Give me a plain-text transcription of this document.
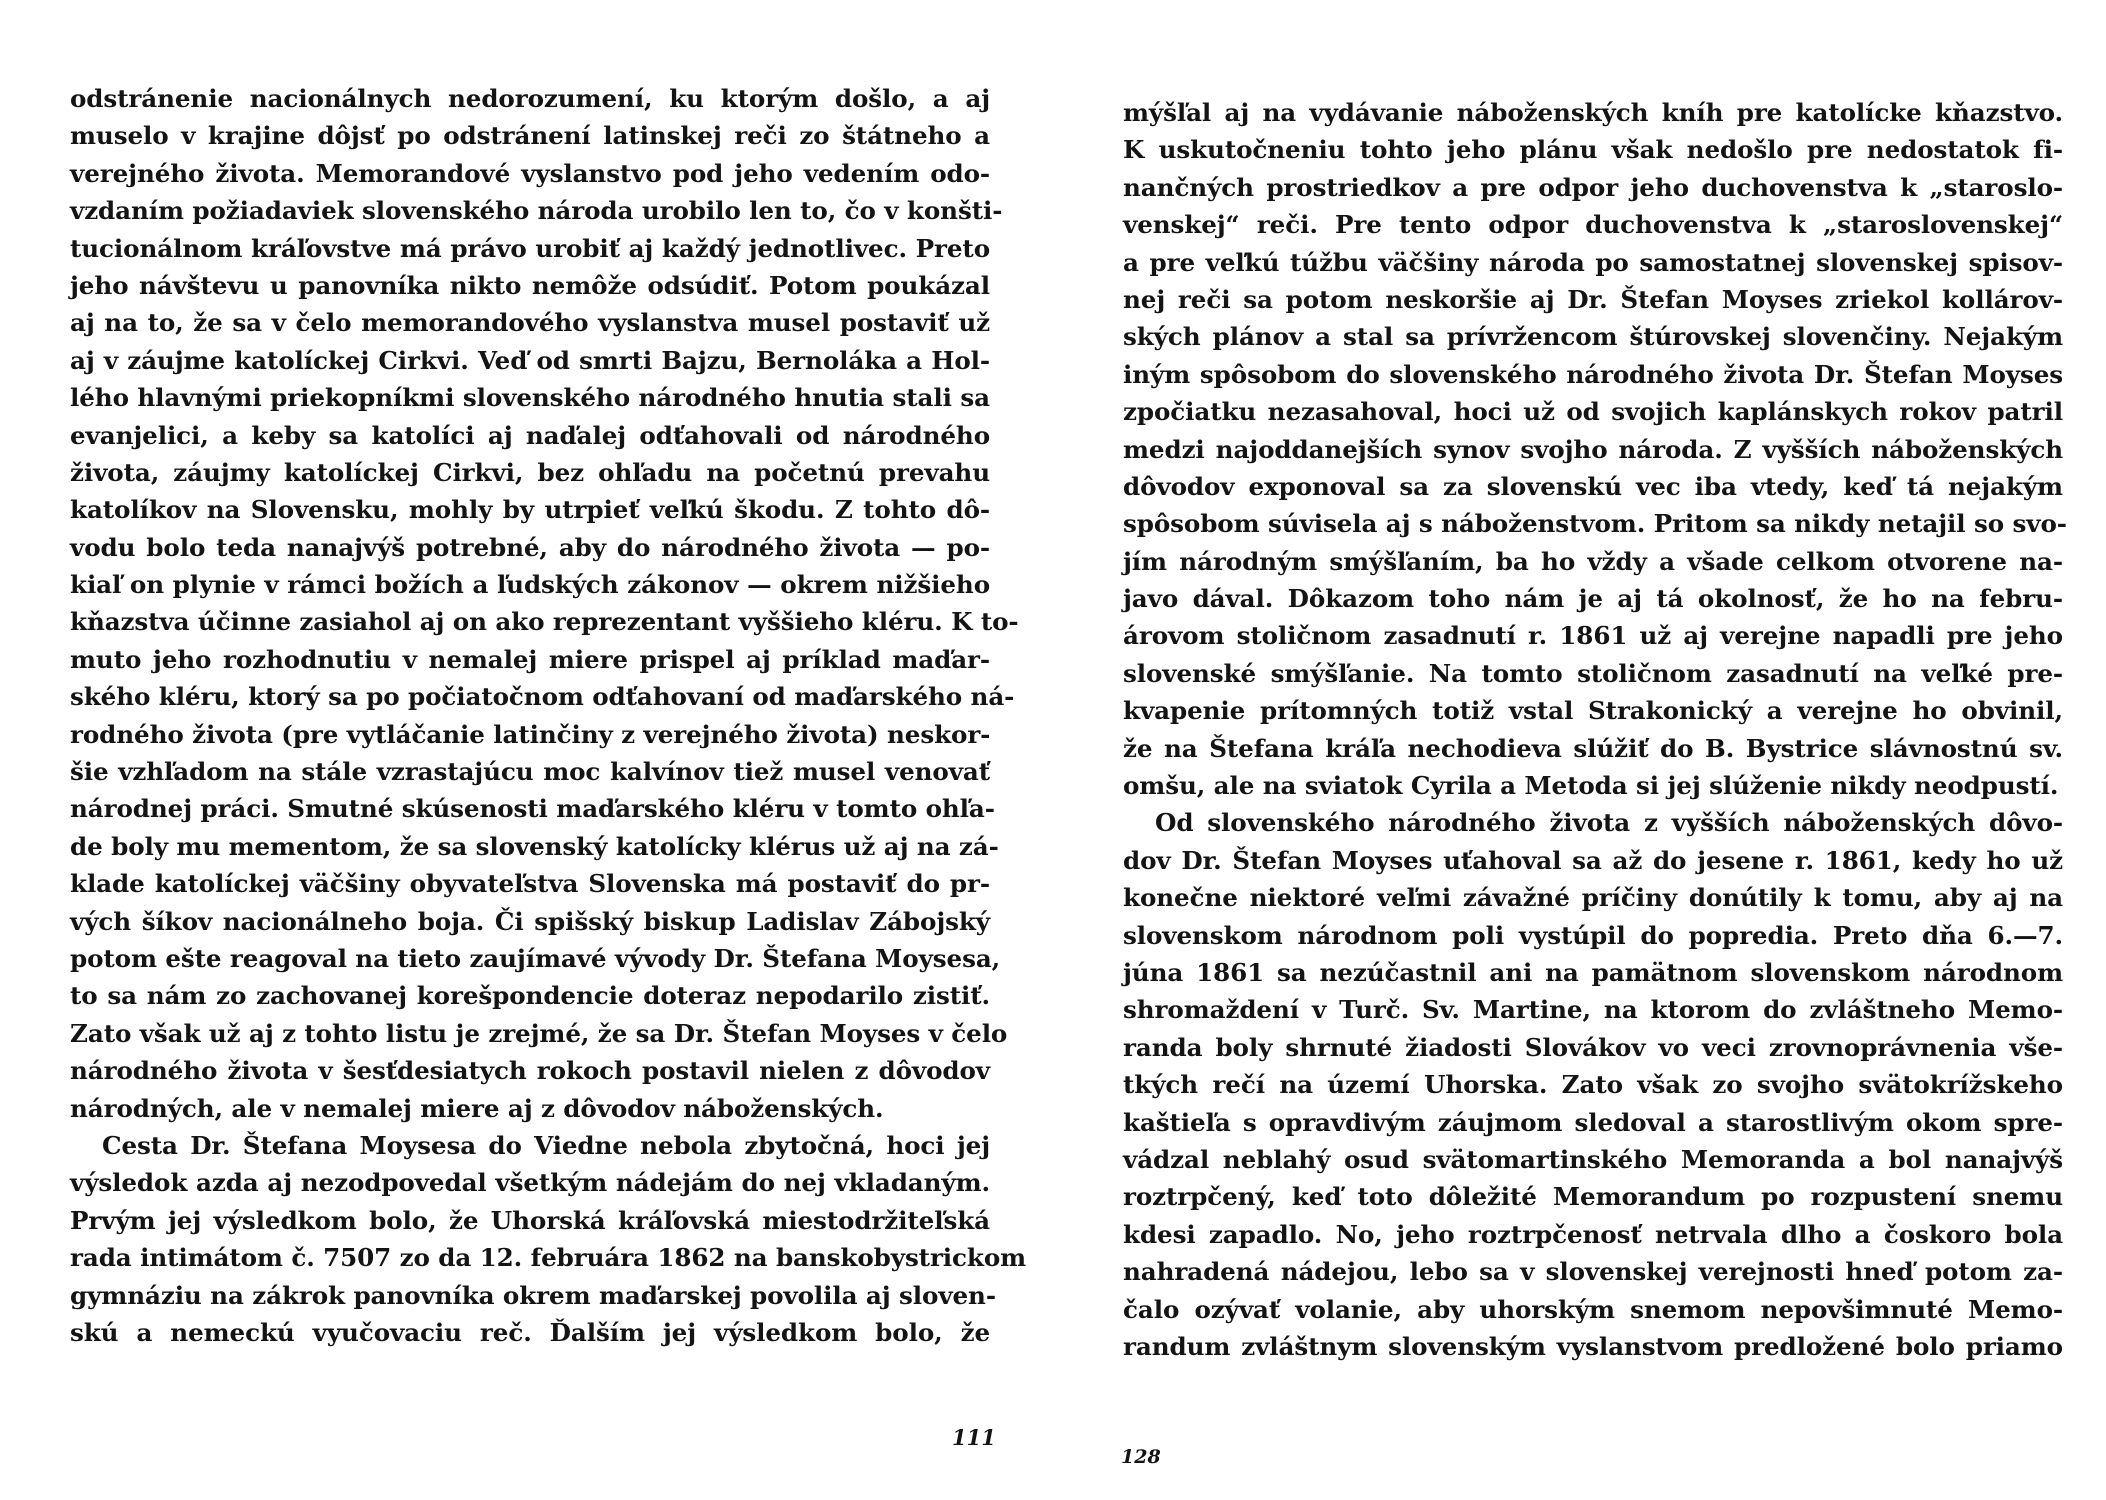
odstránenie nacionálnych nedorozumení, ku ktorým došlo, a aj
muselo v krajine dôjsť po odstránení latinskej reči zo štátneho a
verejného života. Memorandové vyslanstvo pod jeho vedením odo-
vzdaním požiadaviek slovenského národa urobilo len to, čo v konšti-
tucionálnom kráľovstve má právo urobiť aj každý jednotlivec. Preto
jeho návštevu u panovníka nikto nemôže odsúdiť. Potom poukázal
aj na to, že sa v čelo memorandového vyslanstva musel postaviť už
aj v záujme katolíckej Cirkvi. Veď od smrti Bajzu, Bernoláka a Hol-
lého hlavnými priekopníkmi slovenského národného hnutia stali sa
evanjelici, a keby sa katolíci aj naďalej odťahovali od národného
života, záujmy katolíckej Cirkvi, bez ohľadu na početnú prevahu
katolíkov na Slovensku, mohly by utrpieť veľkú škodu. Z tohto dô-
vodu bolo teda nanajvýš potrebné, aby do národného života — po-
kiaľ on plynie v rámci božích a ľudských zákonov — okrem nižšieho
kňazstva účinne zasiahol aj on ako reprezentant vyššieho kléru. K to-
muto jeho rozhodnutiu v nemalej miere prispel aj príklad maďar-
ského kléru, ktorý sa po počiatočnom odťahovaní od maďarského ná-
rodného života (pre vytláčanie latinčiny z verejného života) neskor-
šie vzhľadom na stále vzrastajúcu moc kalvínov tiež musel venovať
národnej práci. Smutné skúsenosti maďarského kléru v tomto ohľa-
de boly mu mementom, že sa slovenský katolícky klérus už aj na zá-
klade katolíckej väčšiny obyvateľstva Slovenska má postaviť do pr-
vých šíkov nacionálneho boja. Či spišský biskup Ladislav Zábojský
potom ešte reagoval na tieto zaujímavé vývody Dr. Štefana Moysesa,
to sa nám zo zachovanej korešpondencie doteraz nepodarilo zistiť.
Zato však už aj z tohto listu je zrejmé, že sa Dr. Štefan Moyses v čelo
národného života v šesťdesiatych rokoch postavil nielen z dôvodov
národných, ale v nemalej miere aj z dôvodov náboženských.
Cesta Dr. Štefana Moysesa do Viedne nebola zbytočná, hoci jej
výsledok azda aj nezodpovedal všetkým nádejám do nej vkladaným.
Prvým jej výsledkom bolo, že Uhorská kráľovská miestodržiteľská
rada intimátom č. 7507 zo da 12. februára 1862 na banskobystrickom
gymnáziu na zákrok panovníka okrem maďarskej povolila aj sloven-
skú a nemeckú vyučovaciu reč. Ďalším jej výsledkom bolo, že
111
mýšľal aj na vydávanie náboženských kníh pre katolícke kňazstvo.
K uskutočneniu tohto jeho plánu však nedošlo pre nedostatok fi-
nančných prostriedkov a pre odpor jeho duchovenstva k „staroslo-
venskej“ reči. Pre tento odpor duchovenstva k „staroslovenskej“
a pre veľkú túžbu väčšiny národa po samostatnej slovenskej spisov-
nej reči sa potom neskoršie aj Dr. Štefan Moyses zriekol kollárov-
ských plánov a stal sa prívržencom štúrovskej slovenčiny. Nejakým
iným spôsobom do slovenského národného života Dr. Štefan Moyses
zpočiatku nezasahoval, hoci už od svojich kaplánskych rokov patril
medzi najoddanejších synov svojho národa. Z vyšších náboženských
dôvodov exponoval sa za slovenskú vec iba vtedy, keď tá nejakým
spôsobom súvisela aj s náboženstvom. Pritom sa nikdy netajil so svo-
jím národným smýšľaním, ba ho vždy a všade celkom otvorene na-
javo dával. Dôkazom toho nám je aj tá okolnosť, že ho na febru-
árovom stoličnom zasadnutí r. 1861 už aj verejne napadli pre jeho
slovenské smýšľanie. Na tomto stoličnom zasadnutí na veľké pre-
kvapenie prítomných totiž vstal Strakonický a verejne ho obvinil,
že na Štefana kráľa nechodieva slúžiť do B. Bystrice slávnostnú sv.
omšu, ale na sviatok Cyrila a Metoda si jej slúženie nikdy neodpustí.
Od slovenského národného života z vyšších náboženských dôvo-
dov Dr. Štefan Moyses uťahoval sa až do jesene r. 1861, kedy ho už
konečne niektoré veľmi závažné príčiny donútily k tomu, aby aj na
slovenskom národnom poli vystúpil do popredia. Preto dňa 6.—7.
júna 1861 sa nezúčastnil ani na pamätnom slovenskom národnom
shromaždení v Turč. Sv. Martine, na ktorom do zvláštneho Memo-
randa boly shrnuté žiadosti Slovákov vo veci zrovnoprávnenia vše-
tkých rečí na území Uhorska. Zato však zo svojho svätokrížskeho
kaštieľa s opravdivým záujmom sledoval a starostlivým okom spre-
vádzal neblahý osud svätomartinského Memoranda a bol nanajvýš
roztrpčený, keď toto dôležité Memorandum po rozpustení snemu
kdesi zapadlo. No, jeho roztrpčenosť netrvala dlho a čoskoro bola
nahradená nádejou, lebo sa v slovenskej verejnosti hneď potom za-
čalo ozývať volanie, aby uhorským snemom nepovšimnuté Memo-
randum zvláštnym slovenským vyslanstvom predložené bolo priamo
128
